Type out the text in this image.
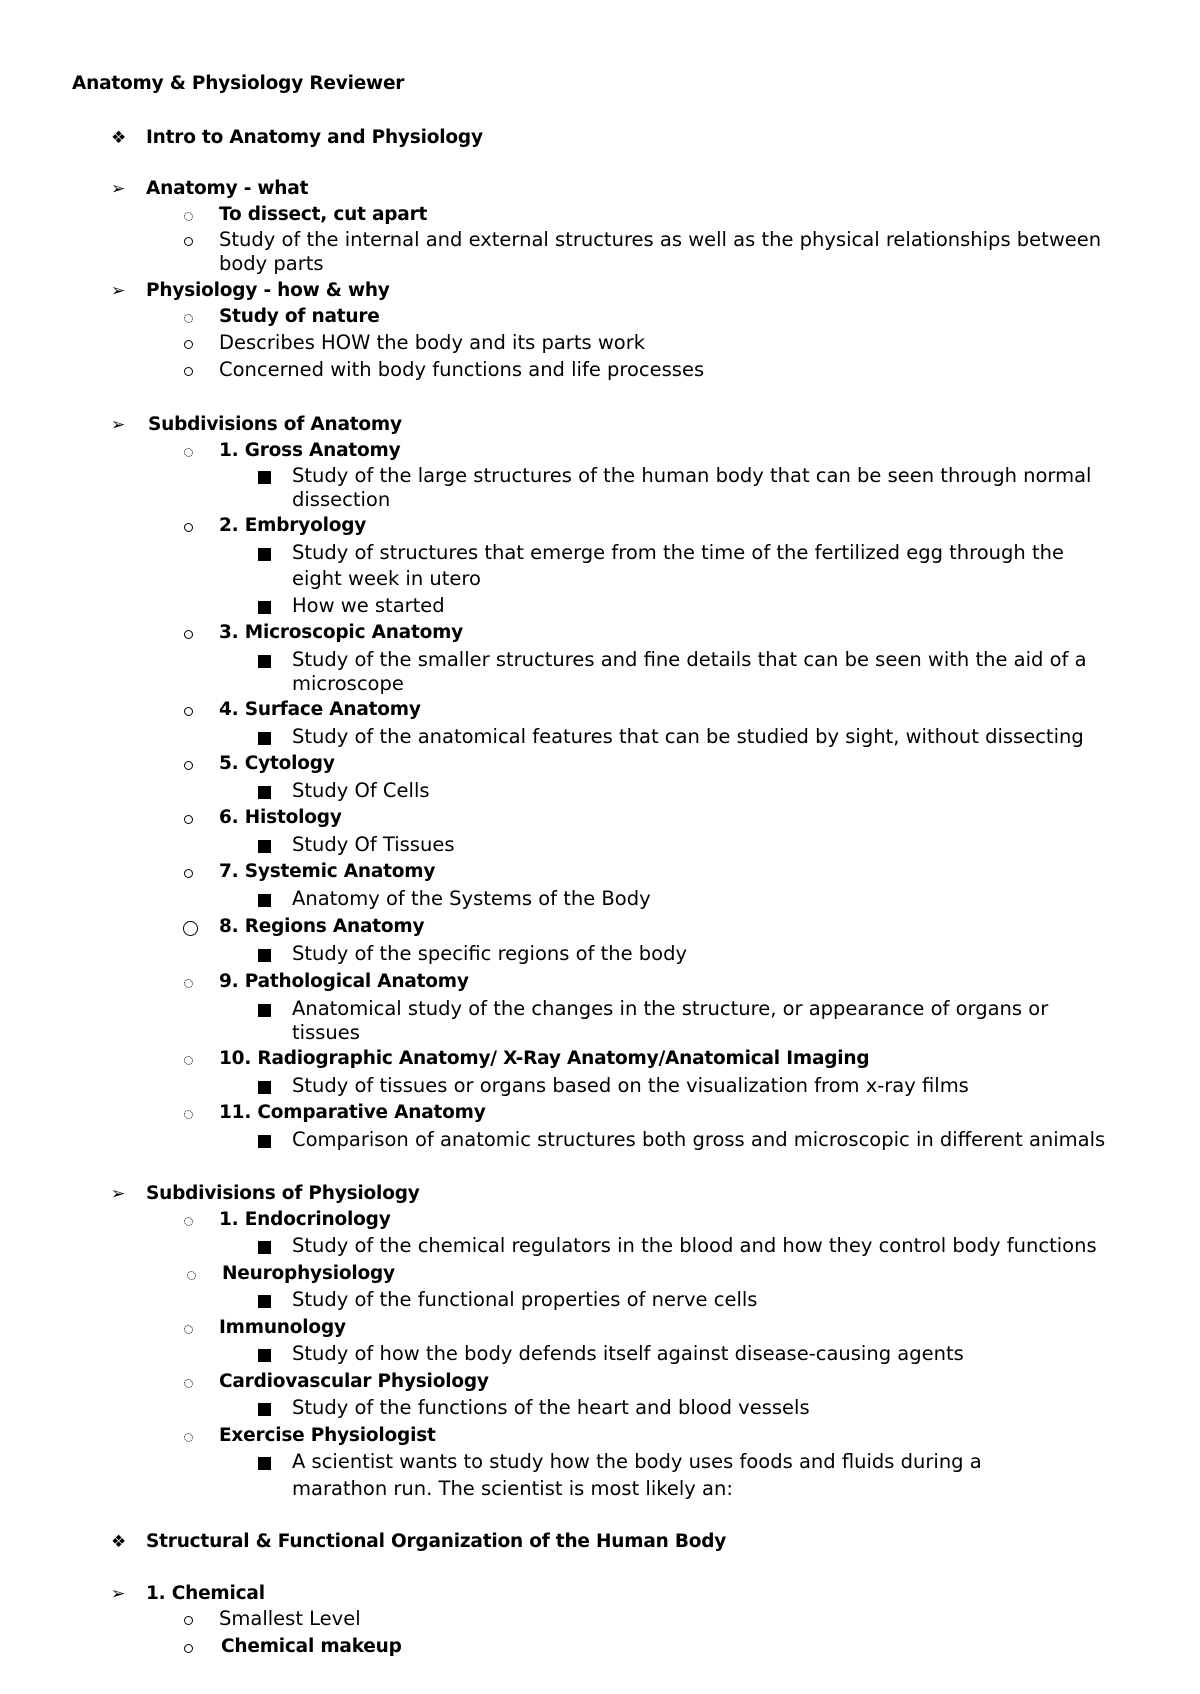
Anatomy & Physiology Reviewer
❖ Intro to Anatomy and Physiology
➢ Anatomy - what
To dissect, cut apart
Study of the internal and external structures as well as the physical relationships between
body parts
➢ Physiology - how & why
Study of nature
Describes HOW the body and its parts work
Concerned with body functions and life processes
➢ Subdivisions of Anatomy
1. Gross Anatomy
Study of the large structures of the human body that can be seen through normal
dissection
2. Embryology
Study of structures that emerge from the time of the fertilized egg through the
eight week in utero
How we started
3. Microscopic Anatomy
Study of the smaller structures and fine details that can be seen with the aid of a
microscope
4. Surface Anatomy
Study of the anatomical features that can be studied by sight, without dissecting
5. Cytology
Study Of Cells
6. Histology
Study Of Tissues
7. Systemic Anatomy
Anatomy of the Systems of the Body
8. Regions Anatomy
Study of the specific regions of the body
9. Pathological Anatomy
Anatomical study of the changes in the structure, or appearance of organs or
tissues
10. Radiographic Anatomy/ X-Ray Anatomy/Anatomical Imaging
Study of tissues or organs based on the visualization from x-ray films
11. Comparative Anatomy
Comparison of anatomic structures both gross and microscopic in different animals
➢ Subdivisions of Physiology
1. Endocrinology
Study of the chemical regulators in the blood and how they control body functions
Neurophysiology
Study of the functional properties of nerve cells
Immunology
Study of how the body defends itself against disease-causing agents
Cardiovascular Physiology
Study of the functions of the heart and blood vessels
Exercise Physiologist
A scientist wants to study how the body uses foods and fluids during a
marathon run. The scientist is most likely an:
❖ Structural & Functional Organization of the Human Body
➢ 1. Chemical
Smallest Level
Chemical makeup
